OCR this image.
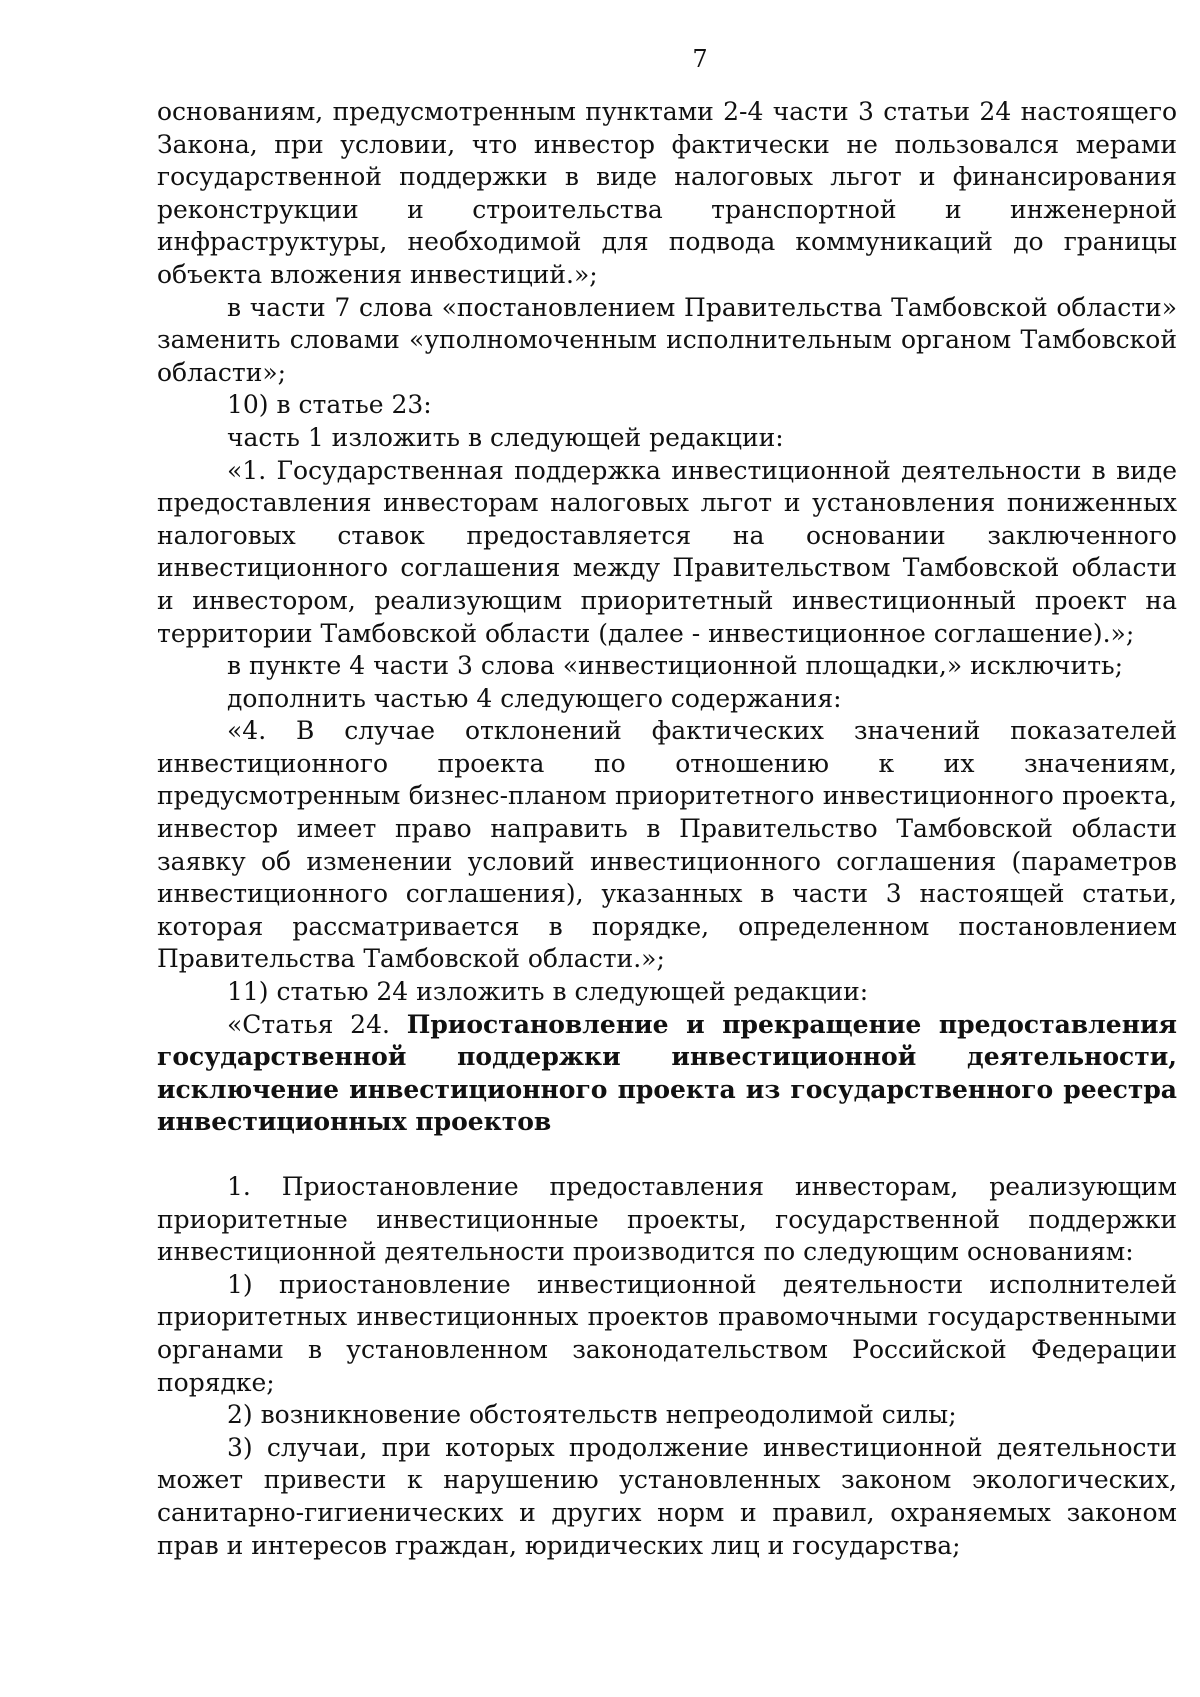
7

основаниям, предусмотренным пунктами 2-4 части 3 статьи 24 настоящего Закона, при условии, что инвестор фактически не пользовался мерами государственной поддержки в виде налоговых льгот и финансирования реконструкции и строительства транспортной и инженерной инфраструктуры, необходимой для подвода коммуникаций до границы объекта вложения инвестиций.»;

в части 7 слова «постановлением Правительства Тамбовской области» заменить словами «уполномоченным исполнительным органом Тамбовской области»;

10) в статье 23:

часть 1 изложить в следующей редакции:

«1. Государственная поддержка инвестиционной деятельности в виде предоставления инвесторам налоговых льгот и установления пониженных налоговых ставок предоставляется на основании заключенного инвестиционного соглашения между Правительством Тамбовской области и инвестором, реализующим приоритетный инвестиционный проект на территории Тамбовской области (далее - инвестиционное соглашение).»;

в пункте 4 части 3 слова «инвестиционной площадки,» исключить;

дополнить частью 4 следующего содержания:

«4. В случае отклонений фактических значений показателей инвестиционного проекта по отношению к их значениям, предусмотренным бизнес-планом приоритетного инвестиционного проекта, инвестор имеет право направить в Правительство Тамбовской области заявку об изменении условий инвестиционного соглашения (параметров инвестиционного соглашения), указанных в части 3 настоящей статьи, которая рассматривается в порядке, определенном постановлением Правительства Тамбовской области.»;

11) статью 24 изложить в следующей редакции:

«Статья 24. Приостановление и прекращение предоставления государственной поддержки инвестиционной деятельности, исключение инвестиционного проекта из государственного реестра инвестиционных проектов

1. Приостановление предоставления инвесторам, реализующим приоритетные инвестиционные проекты, государственной поддержки инвестиционной деятельности производится по следующим основаниям:

1) приостановление инвестиционной деятельности исполнителей приоритетных инвестиционных проектов правомочными государственными органами в установленном законодательством Российской Федерации порядке;

2) возникновение обстоятельств непреодолимой силы;

3) случаи, при которых продолжение инвестиционной деятельности может привести к нарушению установленных законом экологических, санитарно-гигиенических и других норм и правил, охраняемых законом прав и интересов граждан, юридических лиц и государства;
